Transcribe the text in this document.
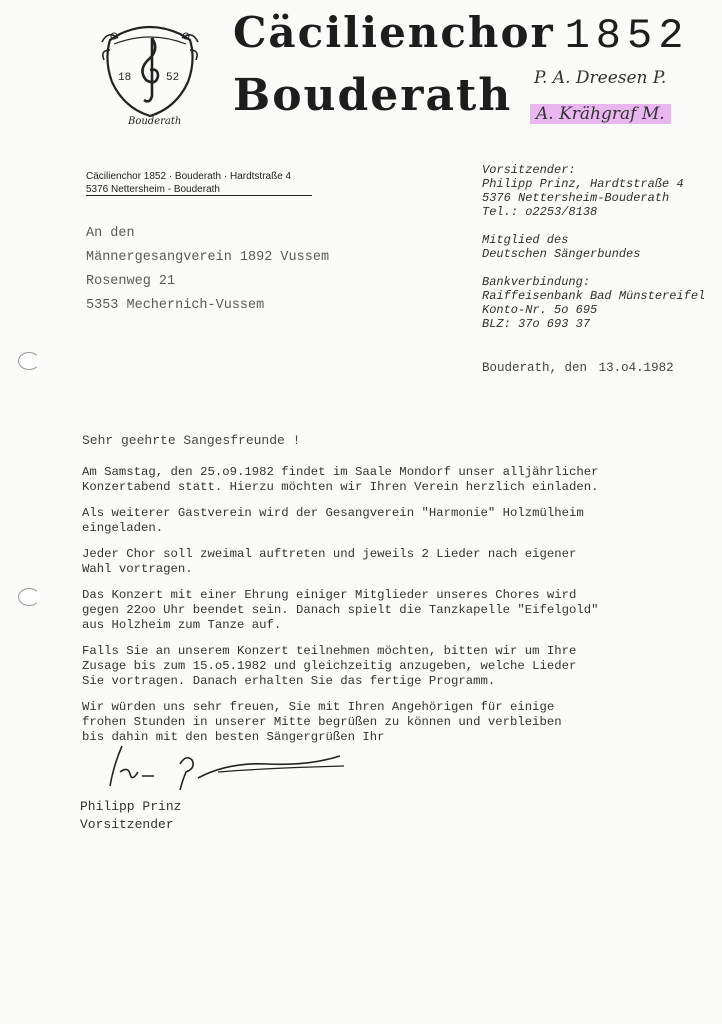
18	52
Bouderath
Cäcilienchor 1852
Bouderath P. A. Dreesen P.
A. Krähgraf M.
Cäcilienchor 1852 · Bouderath · Hardtstraße 4
5376 Nettersheim - Bouderath
An den
Männergesangverein 1892 Vussem
Rosenweg 21
5353 Mechernich-Vussem
Vorsitzender:
Philipp Prinz, Hardtstraße 4
5376 Nettersheim-Bouderath
Tel.: o2253/8138
Mitglied des
Deutschen Sängerbundes
Bankverbindung:
Raiffeisenbank Bad Münstereifel
Konto-Nr. 5o 695
BLZ: 37o 693 37
Bouderath, den 13.o4.1982
Sehr geehrte Sangesfreunde !

Am Samstag, den 25.o9.1982 findet im Saale Mondorf unser alljährlicher
Konzertabend statt. Hierzu möchten wir Ihren Verein herzlich einladen.

Als weiterer Gastverein wird der Gesangverein "Harmonie" Holzmülheim
eingeladen.

Jeder Chor soll zweimal auftreten und jeweils 2 Lieder nach eigener
Wahl vortragen.

Das Konzert mit einer Ehrung einiger Mitglieder unseres Chores wird
gegen 22oo Uhr beendet sein. Danach spielt die Tanzkapelle "Eifelgold"
aus Holzheim zum Tanze auf.

Falls Sie an unserem Konzert teilnehmen möchten, bitten wir um Ihre
Zusage bis zum 15.o5.1982 und gleichzeitig anzugeben, welche Lieder
Sie vortragen. Danach erhalten Sie das fertige Programm.

Wir würden uns sehr freuen, Sie mit Ihren Angehörigen für einige
frohen Stunden in unserer Mitte begrüßen zu können und verbleiben
bis dahin mit den besten Sängergrüßen Ihr

Philipp Prinz
Vorsitzender
